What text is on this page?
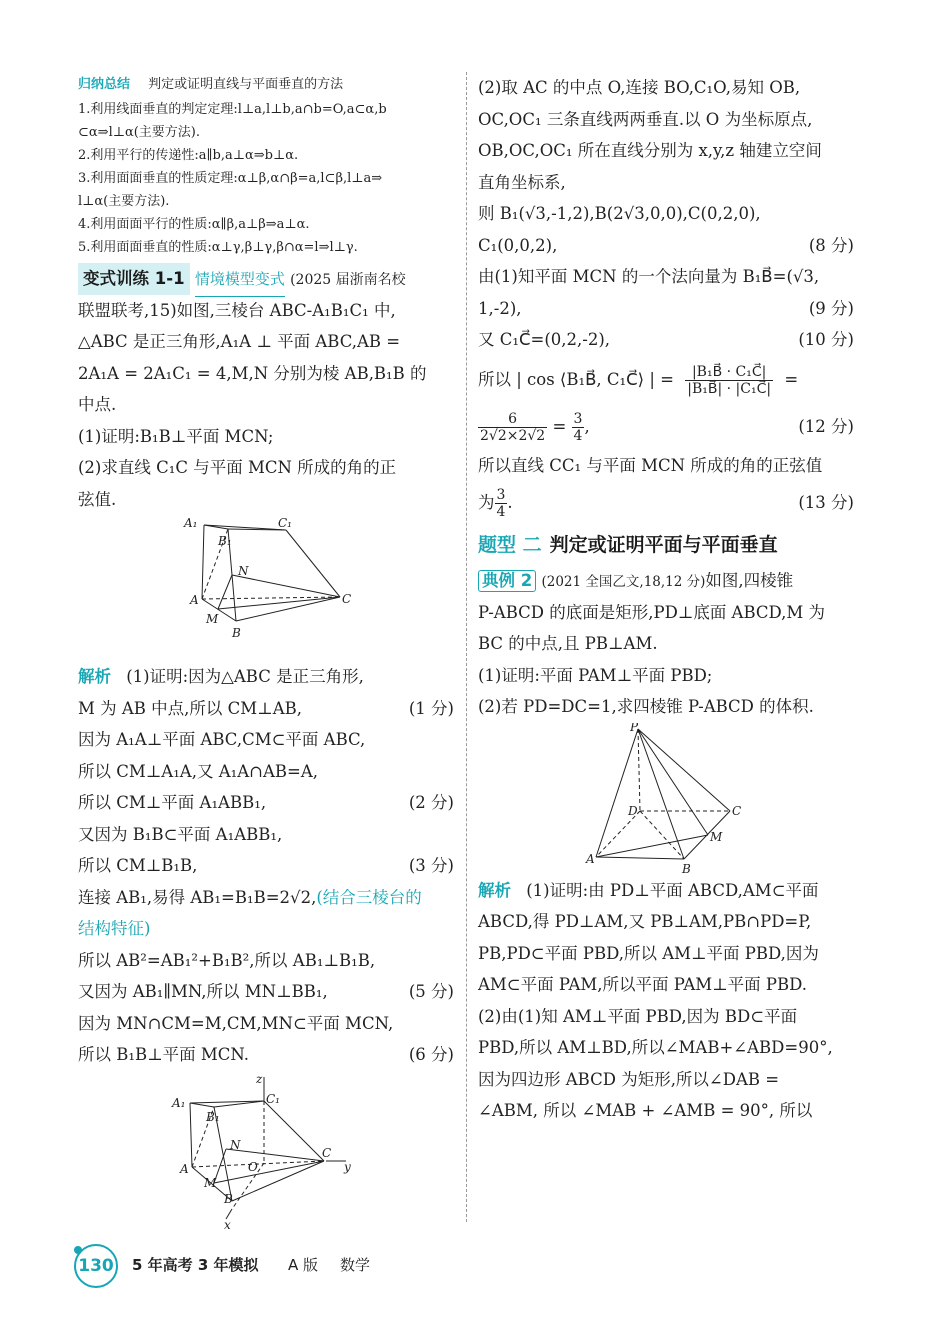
归纳总结 判定或证明直线与平面垂直的方法
1.利用线面垂直的判定定理:l⊥a,l⊥b,a∩b=O,a⊂α,b
⊂α⇒l⊥α(主要方法).
2.利用平行的传递性:a∥b,a⊥α⇒b⊥α.
3.利用面面垂直的性质定理:α⊥β,α∩β=a,l⊂β,l⊥a⇒
l⊥α(主要方法).
4.利用面面平行的性质:α∥β,a⊥β⇒a⊥α.
5.利用面面垂直的性质:α⊥γ,β⊥γ,β∩α=l⇒l⊥γ.
变式训练 1-1 情境模型变式 (2025 届浙南名校
联盟联考,15)如图,三棱台 ABC-A₁B₁C₁ 中,
△ABC 是正三角形,A₁A ⊥ 平面 ABC,AB =
2A₁A = 2A₁C₁ = 4,M,N 分别为棱 AB,B₁B 的
中点.
(1)证明:B₁B⊥平面 MCN;
(2)求直线 C₁C 与平面 MCN 所成的角的正
弦值.
A₁
B₁
C₁
N
A
M
B
C
解析 (1)证明:因为△ABC 是正三角形,
M 为 AB 中点,所以 CM⊥AB,	(1 分)
因为 A₁A⊥平面 ABC,CM⊂平面 ABC,
所以 CM⊥A₁A,又 A₁A∩AB=A,
所以 CM⊥平面 A₁ABB₁,	(2 分)
又因为 B₁B⊂平面 A₁ABB₁,
所以 CM⊥B₁B,	(3 分)
连接 AB₁,易得 AB₁=B₁B=2√2,(结合三棱台的
结构特征)
所以 AB²=AB₁²+B₁B²,所以 AB₁⊥B₁B,
又因为 AB₁∥MN,所以 MN⊥BB₁,	(5 分)
因为 MN∩CM=M,CM,MN⊂平面 MCN,
所以 B₁B⊥平面 MCN.	(6 分)
z
A₁
B₁
C₁
N
A	O
C
y
M
B
x
(2)取 AC 的中点 O,连接 BO,C₁O,易知 OB,
OC,OC₁ 三条直线两两垂直.以 O 为坐标原点,
OB,OC,OC₁ 所在直线分别为 x,y,z 轴建立空间
直角坐标系,
则 B₁(√3,-1,2),B(2√3,0,0),C(0,2,0),
C₁(0,0,2),	(8 分)
由(1)知平面 MCN 的一个法向量为 B₁B⃗=(√3,
1,-2),	(9 分)
又 C₁C⃗=(0,2,-2),	(10 分)
所以 | cos ⟨B₁B⃗, C₁C⃗⟩ | = $\frac{\text{|B₁B⃗ · C₁C⃗|}}{\text{|B₁B⃗| · |C₁C⃗|}}$ =
$\frac{6}{2√2\times 2√2} = \frac{3}{4}$ ,	(12 分)
所以直线 CC₁ 与平面 MCN 所成的角的正弦值
为 $\frac{3}{4}$ .	(13 分)
题型 二 判定或证明平面与平面垂直
典例 2 (2021 全国乙文,18,12 分)如图,四棱锥
P-ABCD 的底面是矩形,PD⊥底面 ABCD,M 为
BC 的中点,且 PB⊥AM.
(1)证明:平面 PAM⊥平面 PBD;
(2)若 PD=DC=1,求四棱锥 P-ABCD 的体积.
P
D	C
A
M
B
解析 (1)证明:由 PD⊥平面 ABCD,AM⊂平面
ABCD,得 PD⊥AM,又 PB⊥AM,PB∩PD=P,
PB,PD⊂平面 PBD,所以 AM⊥平面 PBD,因为
AM⊂平面 PAM,所以平面 PAM⊥平面 PBD.
(2)由(1)知 AM⊥平面 PBD,因为 BD⊂平面
PBD,所以 AM⊥BD,所以∠MAB+∠ABD=90°,
因为四边形 ABCD 为矩形,所以∠DAB =
∠ABM, 所以 ∠MAB + ∠AMB = 90°, 所以
130 5 年高考 3 年模拟 A 版 数学
